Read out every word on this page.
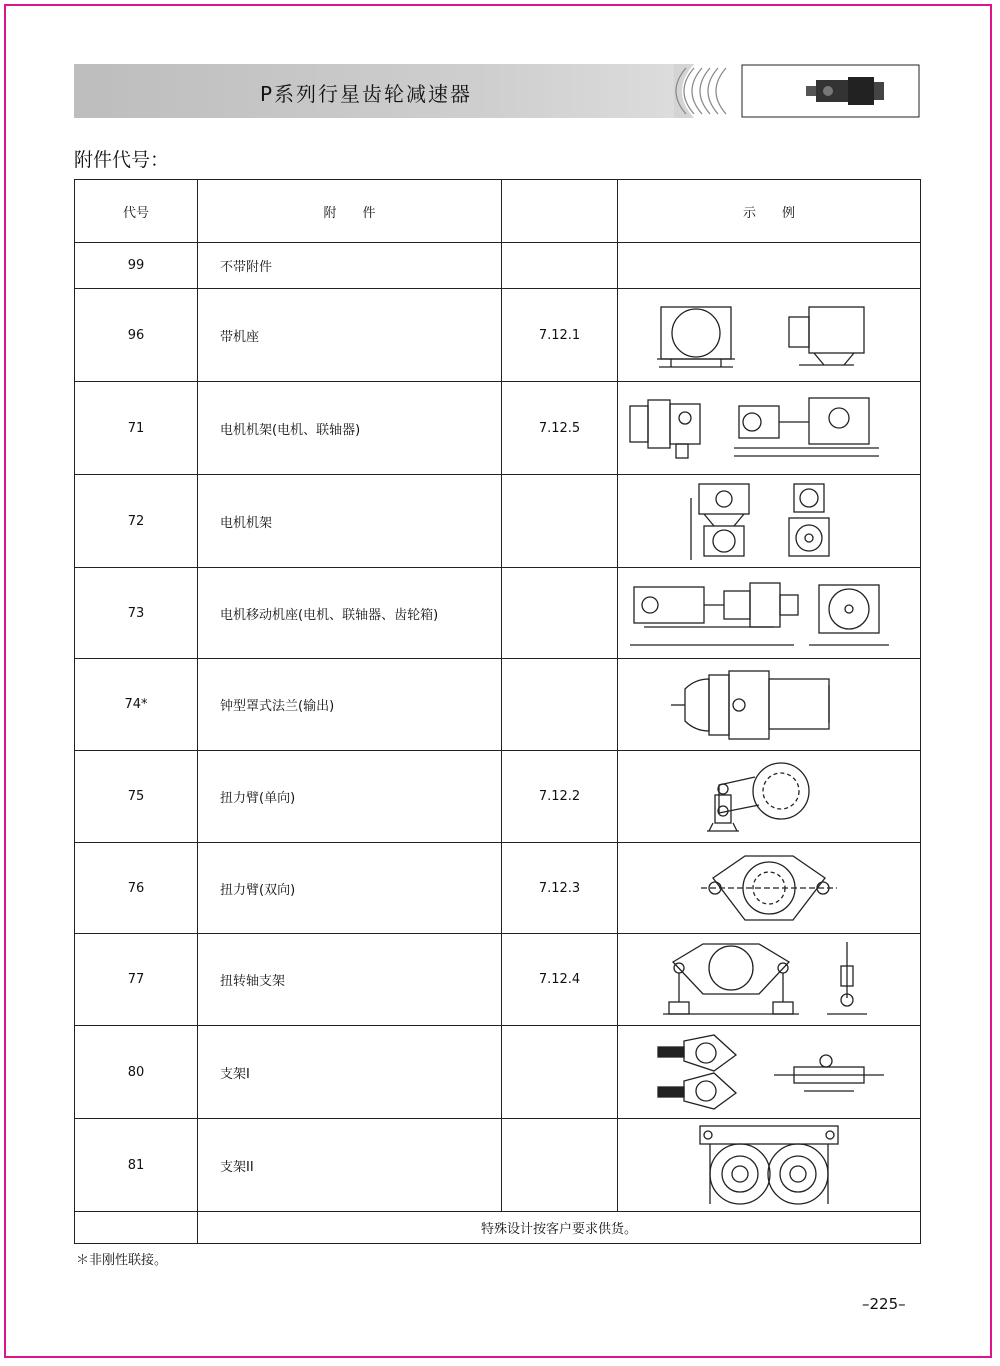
P系列行星齿轮减速器
附件代号：
代号	附　　件		示　　例
99	不带附件		
96	带机座	7.12.1	

71	电机机架(电机、联轴器)	7.12.5	

72	电机机架		

73	电机移动机座(电机、联轴器、齿轮箱)		

74*	钟型罩式法兰(输出)		

75	扭力臂(单向)	7.12.2	

76	扭力臂(双向)	7.12.3	

77	扭转轴支架	7.12.4	

80	支架I		

81	支架II		

	特殊设计按客户要求供货。		
＊非刚性联接。
–225–
